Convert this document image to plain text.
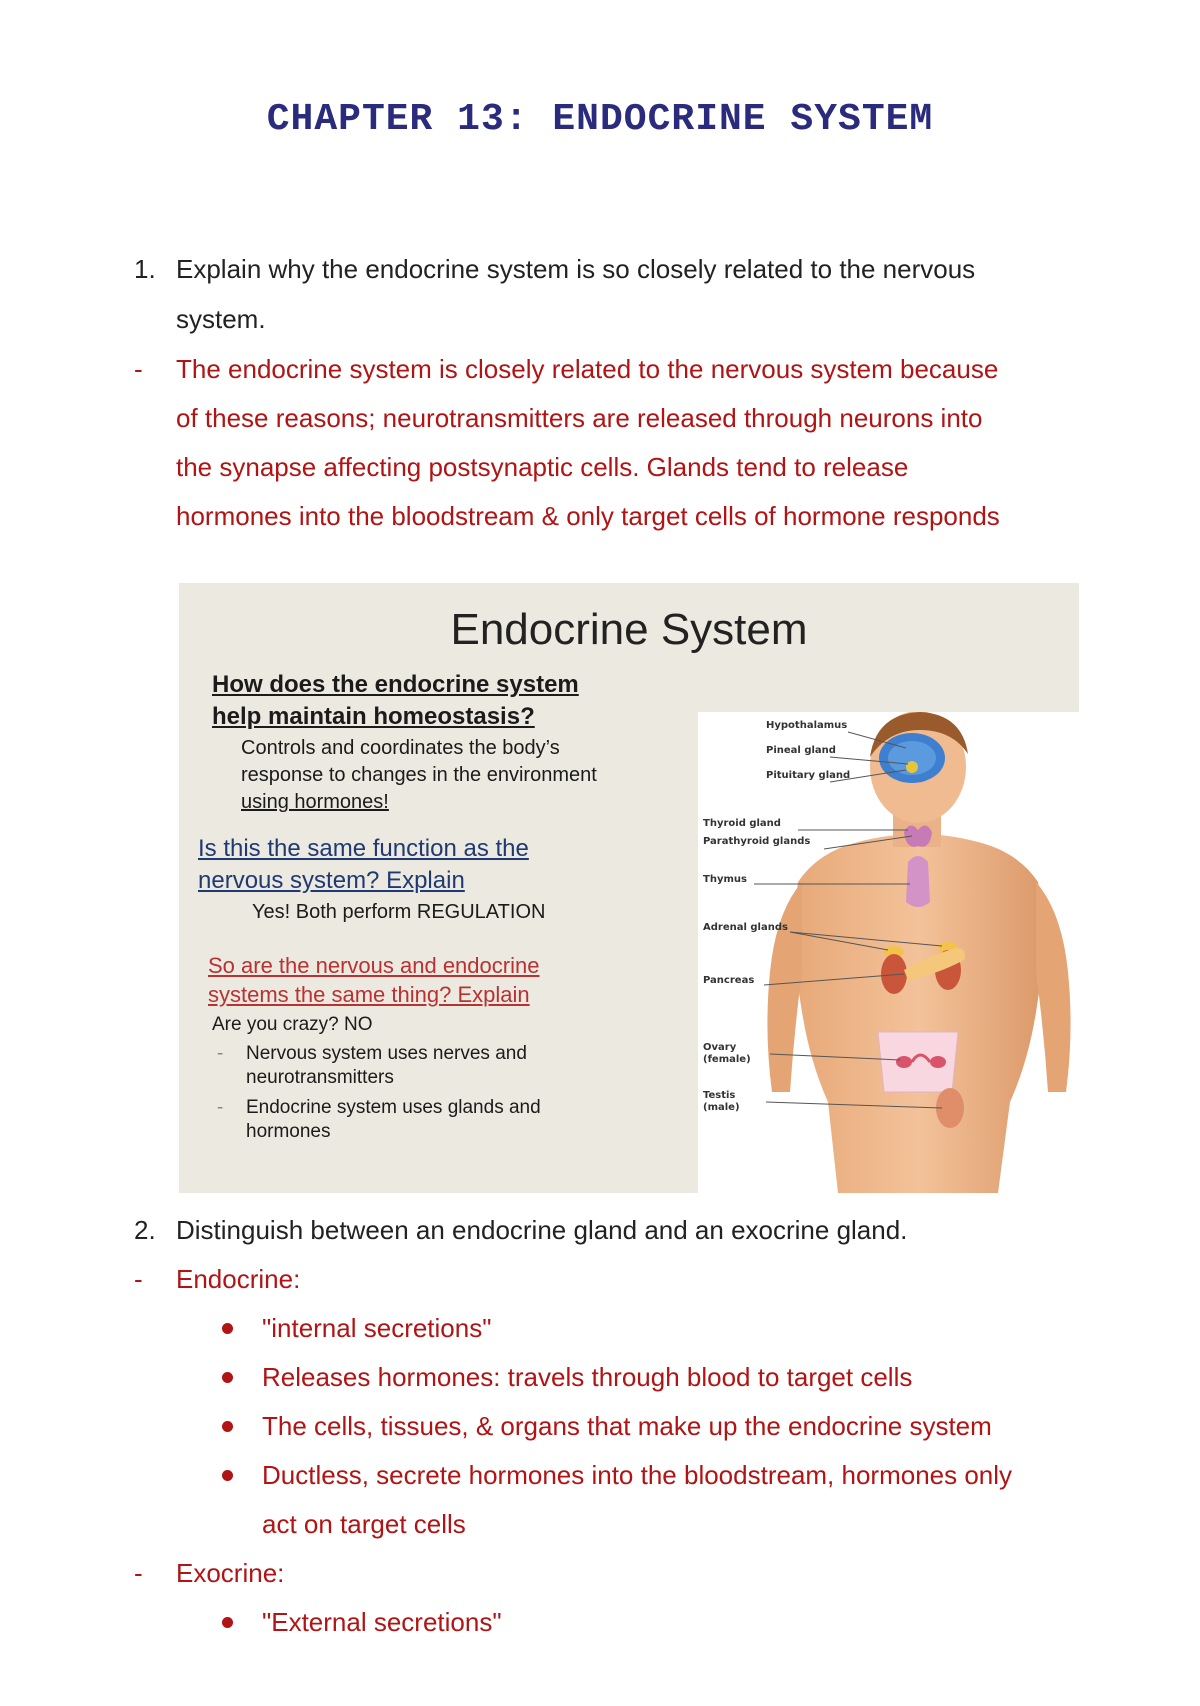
CHAPTER 13: ENDOCRINE SYSTEM
1. Explain why the endocrine system is so closely related to the nervous
system.
- The endocrine system is closely related to the nervous system because
of these reasons; neurotransmitters are released through neurons into
the synapse affecting postsynaptic cells. Glands tend to release
hormones into the bloodstream & only target cells of hormone responds
Endocrine System
How does the endocrine system
help maintain homeostasis?
Controls and coordinates the body’s
response to changes in the environment
using hormones!
Is this the same function as the
nervous system? Explain
Yes! Both perform REGULATION
So are the nervous and endocrine
systems the same thing? Explain
Are you crazy? NO
- Nervous system uses nerves and
neurotransmitters
- Endocrine system uses glands and
hormones
Hypothalamus
Pineal gland
Pituitary gland
Thyroid gland
Parathyroid glands
Thymus
Adrenal glands
Pancreas
Ovary
(female)
Testis
(male)
2. Distinguish between an endocrine gland and an exocrine gland.
- Endocrine:
"internal secretions"
Releases hormones: travels through blood to target cells
The cells, tissues, & organs that make up the endocrine system
Ductless, secrete hormones into the bloodstream, hormones only
act on target cells
- Exocrine:
"External secretions"
